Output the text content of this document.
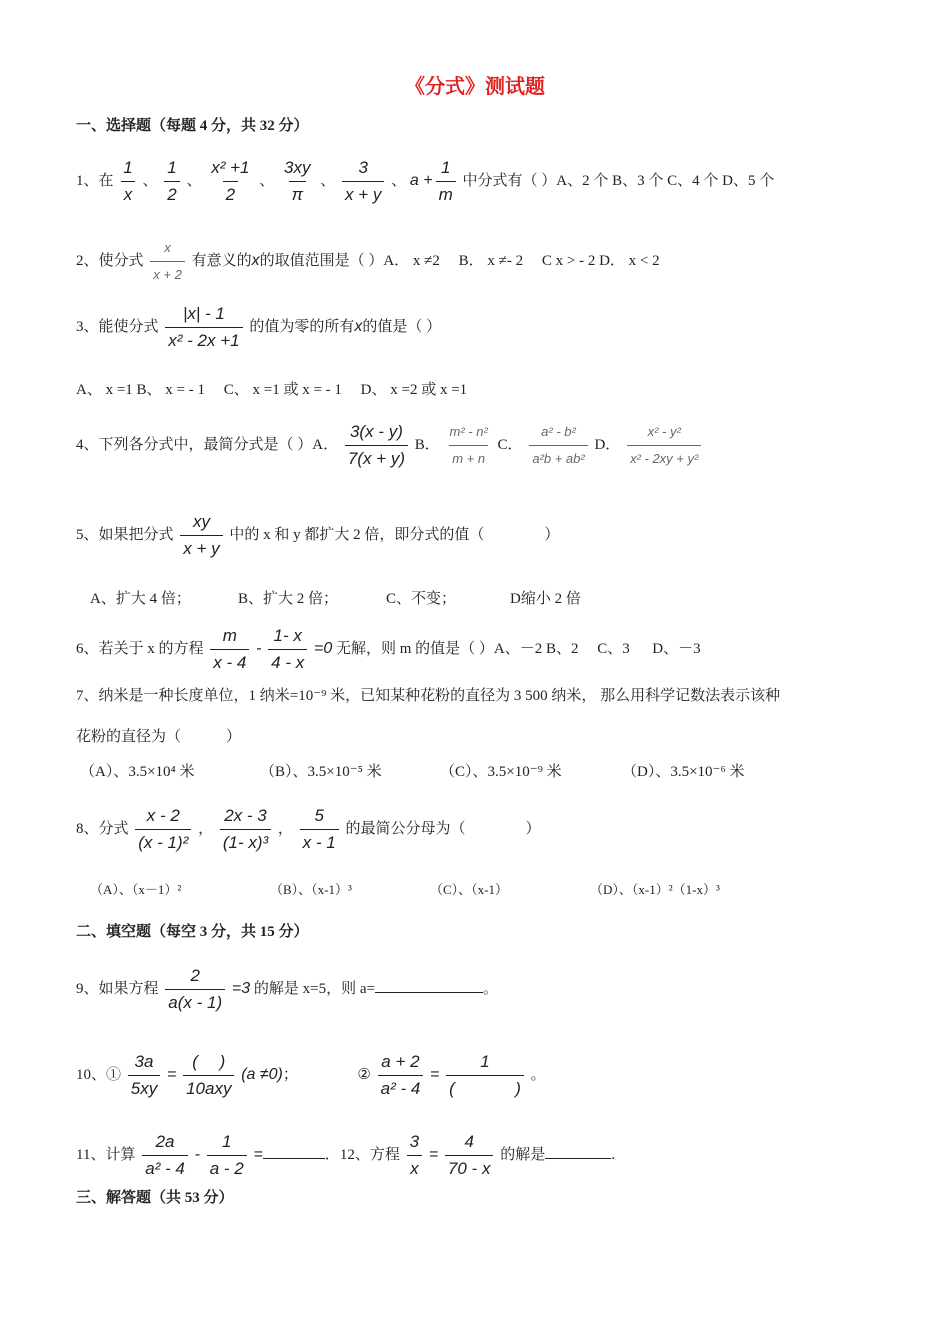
《分式》测试题
一、选择题（每题 4 分，共 32 分）
1、在 $\frac{1}{x}$ 、 $\frac{1}{2}$ 、 $\frac{\text{x² +1}}{2}$ 、 $\frac{3xy}{\pi}$ 、 $\frac{3}{x + y}$ 、 $a + \frac{1}{m}$ 中分式有（ ）A、2 个 B、3 个 C、4 个 D、5 个
2、使分式 $\frac{x}{x + 2}$ 有意义的x的取值范围是（ ）A． x ≠2　 B． x ≠- 2 　C x > - 2 D． x < 2
3、能使分式 $\frac{|x| - 1}{\text{x² - 2x +1}}$ 的值为零的所有x的值是（ ）
A、 x =1 B、 x = - 1 　C、 x =1 或 x = - 1 　D、 x =2 或 x =1
4、下列各分式中，最简分式是（ ）A． $\frac{3(x - y)}{7(x + y)}$ B． $\frac{\text{m² - n²}}{m + n}$ C． $\frac{\text{a² - b²}}{\text{a²b + ab²}}$ D． $\frac{\text{x² - y²}}{\text{x² - 2xy + y²}}$
5、如果把分式 $\frac{xy}{x + y}$ 中的 x 和 y 都扩大 2 倍，即分式的值（　　　　）
A、扩大 4 倍；	B、扩大 2 倍；	C、不变；	D缩小 2 倍
6、若关于 x 的方程 $\frac{m}{x - 4} - \frac{1- x}{4 - x} =0$ 无解，则 m 的值是（ ）A、－2 B、2 　C、3 　 D、－3
7、纳米是一种长度单位，1 纳米=10⁻⁹ 米，已知某种花粉的直径为 3 500 纳米， 那么用科学记数法表示该种
花粉的直径为（　　　）
（A）、3.5×10⁴ 米	（B）、3.5×10⁻⁵ 米	（C）、3.5×10⁻⁹ 米	（D）、3.5×10⁻⁶ 米
8、分式 $\frac{x - 2}{\text{(x - 1)²}}$ ， $\frac{2x - 3}{\text{(1- x)³}}$ ， $\frac{5}{x - 1}$ 的最简公分母为（　　　　）
（A）、（x－1）²	（B）、（x-1）³	（C）、（x-1）	（D）、（x-1）²（1-x）³
二、填空题（每空 3 分，共 15 分）
9、如果方程 $\frac{2}{a(x - 1)} =3$ 的解是 x=5，则 a=	。
10、① $\frac{3a}{5xy}$ =
( 　)
10axy
(a ≠0)；	② $\frac{a + 2}{\text{a² - 4}}$ =
1
( 　　　 )
。
11、计算 $\frac{2a}{\text{a² - 4}} - \frac{1}{a - 2}$ =	．12、方程 $\frac{3}{x} = \frac{4}{70 - x}$ 的解是	.
三、解答题（共 53 分）
